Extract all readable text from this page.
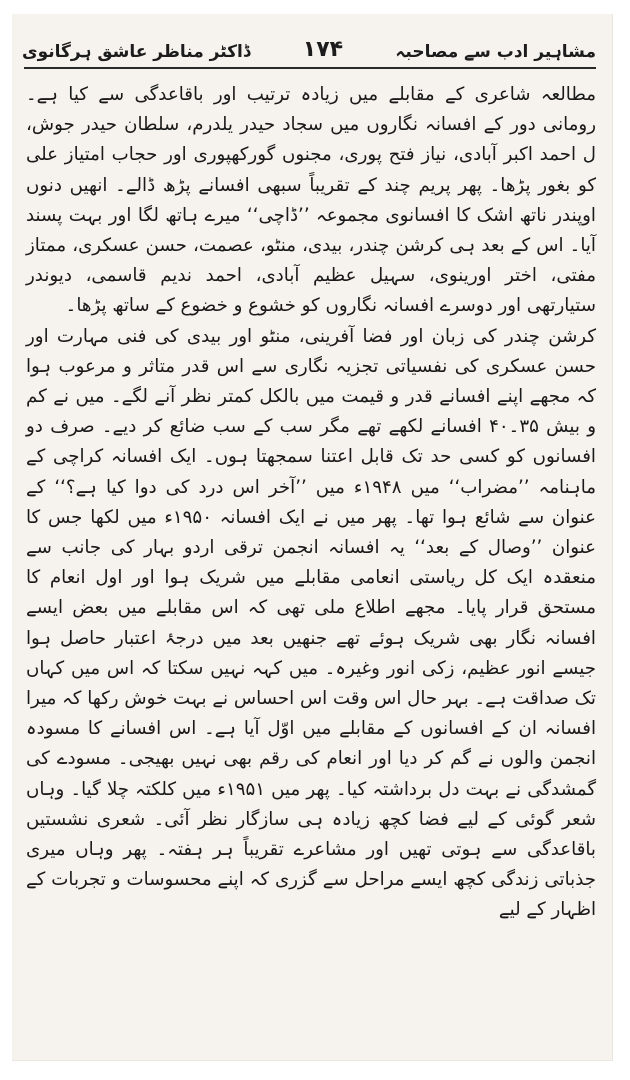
مشاہیر ادب سے مصاحبہ
۱۷۴
ڈاکٹر مناظر عاشق ہرگانوی

مطالعہ شاعری کے مقابلے میں زیادہ ترتیب اور باقاعدگی سے کیا ہے۔ رومانی دور کے افسانہ نگاروں میں سجاد حیدر یلدرم، سلطان حیدر جوش، ل احمد اکبر آبادی، نیاز فتح پوری، مجنوں گورکھپوری اور حجاب امتیاز علی کو بغور پڑھا۔ پھر پریم چند کے تقریباً سبھی افسانے پڑھ ڈالے۔ انھیں دنوں اوپندر ناتھ اشک کا افسانوی مجموعہ ’’ڈاچی‘‘ میرے ہاتھ لگا اور بہت پسند آیا۔ اس کے بعد ہی کرشن چندر، بیدی، منٹو، عصمت، حسن عسکری، ممتاز مفتی، اختر اورینوی، سہیل عظیم آبادی، احمد ندیم قاسمی، دیوندر ستیارتھی اور دوسرے افسانہ نگاروں کو خشوع و خضوع کے ساتھ پڑھا۔

کرشن چندر کی زبان اور فضا آفرینی، منٹو اور بیدی کی فنی مہارت اور حسن عسکری کی نفسیاتی تجزیہ نگاری سے اس قدر متاثر و مرعوب ہوا کہ مجھے اپنے افسانے قدر و قیمت میں بالکل کمتر نظر آنے لگے۔ میں نے کم و بیش ۳۵۔۴۰ افسانے لکھے تھے مگر سب کے سب ضائع کر دیے۔ صرف دو افسانوں کو کسی حد تک قابل اعتنا سمجھتا ہوں۔ ایک افسانہ کراچی کے ماہنامہ ’’مضراب‘‘ میں ۱۹۴۸ء میں ’’آخر اس درد کی دوا کیا ہے؟‘‘ کے عنوان سے شائع ہوا تھا۔ پھر میں نے ایک افسانہ ۱۹۵۰ء میں لکھا جس کا عنوان ’’وصال کے بعد‘‘ یہ افسانہ انجمن ترقی اردو بہار کی جانب سے منعقدہ ایک کل ریاستی انعامی مقابلے میں شریک ہوا اور اول انعام کا مستحق قرار پایا۔ مجھے اطلاع ملی تھی کہ اس مقابلے میں بعض ایسے افسانہ نگار بھی شریک ہوئے تھے جنھیں بعد میں درجۂ اعتبار حاصل ہوا جیسے انور عظیم، زکی انور وغیرہ۔ میں کہہ نہیں سکتا کہ اس میں کہاں تک صداقت ہے۔ بہر حال اس وقت اس احساس نے بہت خوش رکھا کہ میرا افسانہ ان کے افسانوں کے مقابلے میں اوّل آیا ہے۔ اس افسانے کا مسودہ انجمن والوں نے گم کر دیا اور انعام کی رقم بھی نہیں بھیجی۔ مسودے کی گمشدگی نے بہت دل برداشتہ کیا۔ پھر میں ۱۹۵۱ء میں کلکتہ چلا گیا۔ وہاں شعر گوئی کے لیے فضا کچھ زیادہ ہی سازگار نظر آئی۔ شعری نشستیں باقاعدگی سے ہوتی تھیں اور مشاعرے تقریباً ہر ہفتہ۔ پھر وہاں میری جذباتی زندگی کچھ ایسے مراحل سے گزری کہ اپنے محسوسات و تجربات کے اظہار کے لیے
